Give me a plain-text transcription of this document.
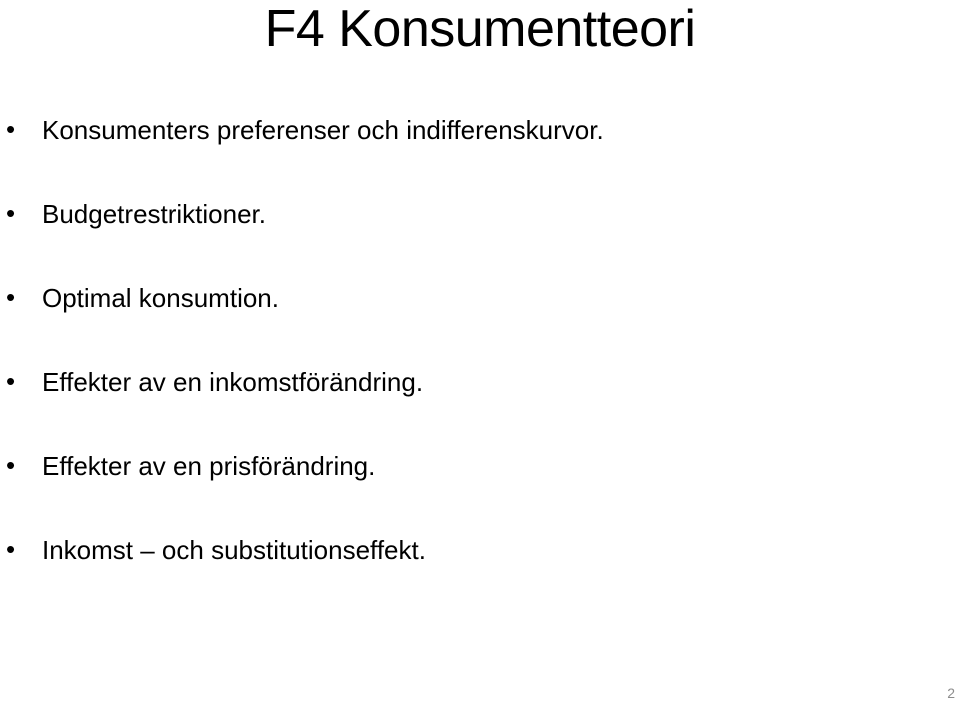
F4 Konsumentteori
• Konsumenters preferenser och indifferenskurvor.
• Budgetrestriktioner.
• Optimal konsumtion.
• Effekter av en inkomstförändring.
• Effekter av en prisförändring.
• Inkomst – och substitutionseffekt.
2
